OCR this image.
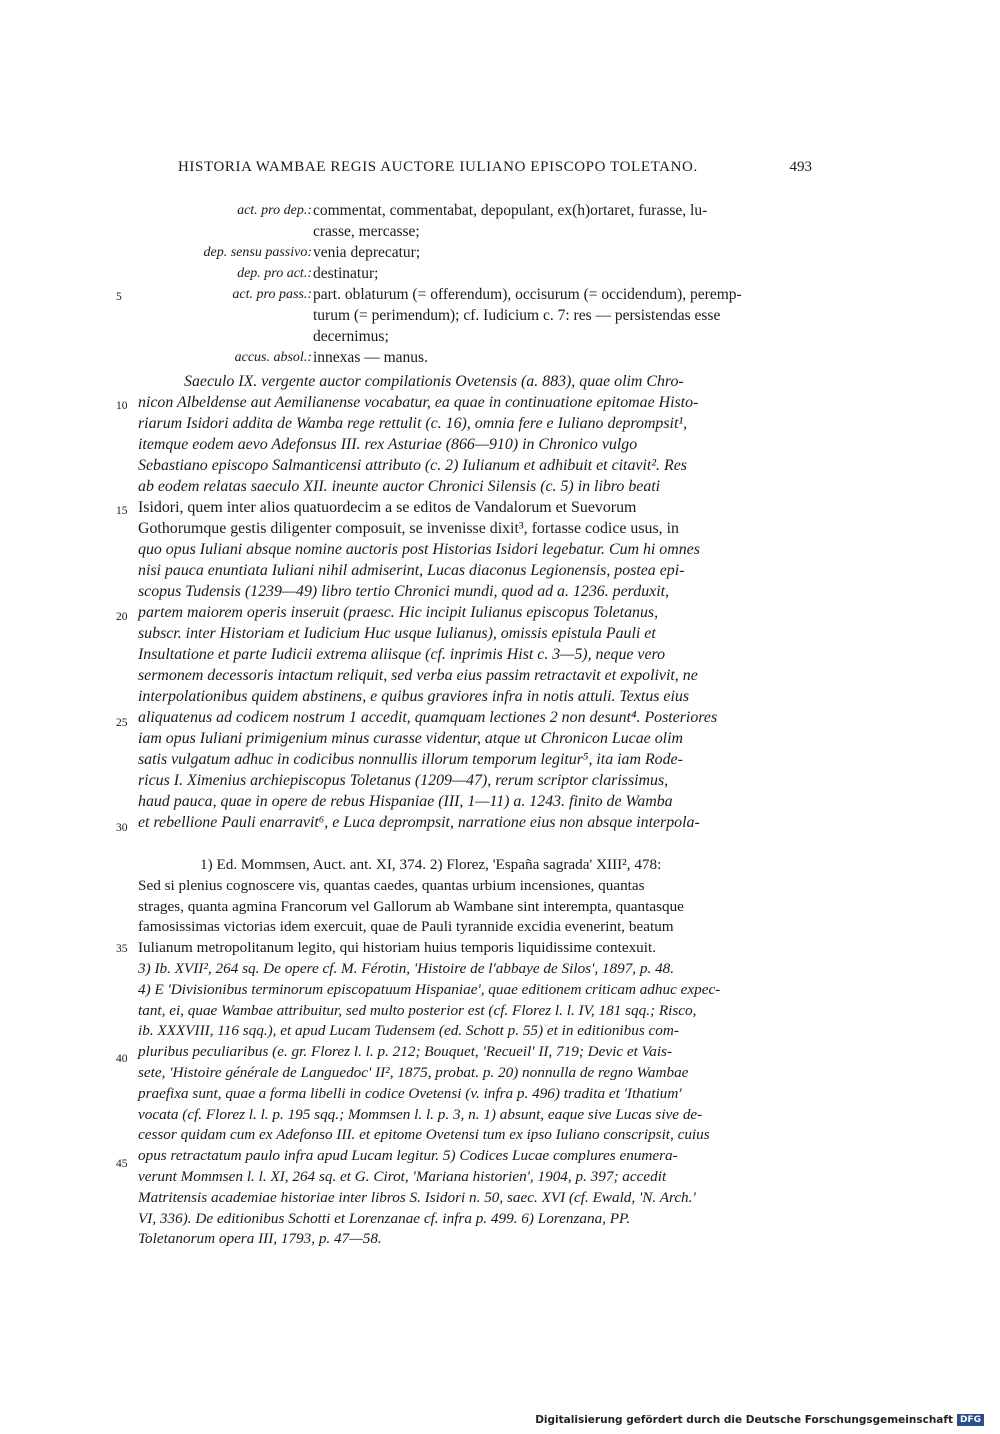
HISTORIA WAMBAE REGIS AUCTORE IULIANO EPISCOPO TOLETANO.	493
act. pro dep.: commentat, commentabat, depopulant, ex(h)ortaret, furasse, lu-
crasse, mercasse;
dep. sensu passivo: venia deprecatur;
dep. pro act.: destinatur;
act. pro pass.: part. oblaturum (= offerendum), occisurum (= occidendum), peremp-
turum (= perimendum); cf. Iudicium c. 7: res — persistendas esse
decernimus;
accus. absol.: innexas — manus.
5
10
15
20
25
30
35
40
45
Saeculo IX. vergente auctor compilationis Ovetensis (a. 883), quae olim Chro-
nicon Albeldense aut Aemilianense vocabatur, ea quae in continuatione epitomae Histo-
riarum Isidori addita de Wamba rege rettulit (c. 16), omnia fere e Iuliano deprompsit¹,
itemque eodem aevo Adefonsus III. rex Asturiae (866—910) in Chronico vulgo
Sebastiano episcopo Salmanticensi attributo (c. 2) Iulianum et adhibuit et citavit². Res
ab eodem relatas saeculo XII. ineunte auctor Chronici Silensis (c. 5) in libro beati
Isidori, quem inter alios quatuordecim a se editos de Vandalorum et Suevorum
Gothorumque gestis diligenter composuit, se invenisse dixit³, fortasse codice usus, in
quo opus Iuliani absque nomine auctoris post Historias Isidori legebatur. Cum hi omnes
nisi pauca enuntiata Iuliani nihil admiserint, Lucas diaconus Legionensis, postea epi-
scopus Tudensis (1239—49) libro tertio Chronici mundi, quod ad a. 1236. perduxit,
partem maiorem operis inseruit (praesc. Hic incipit Iulianus episcopus Toletanus,
subscr. inter Historiam et Iudicium Huc usque Iulianus), omissis epistula Pauli et
Insultatione et parte Iudicii extrema aliisque (cf. inprimis Hist c. 3—5), neque vero
sermonem decessoris intactum reliquit, sed verba eius passim retractavit et expolivit, ne
interpolationibus quidem abstinens, e quibus graviores infra in notis attuli. Textus eius
aliquatenus ad codicem nostrum 1 accedit, quamquam lectiones 2 non desunt⁴. Posteriores
iam opus Iuliani primigenium minus curasse videntur, atque ut Chronicon Lucae olim
satis vulgatum adhuc in codicibus nonnullis illorum temporum legitur⁵, ita iam Rode-
ricus I. Ximenius archiepiscopus Toletanus (1209—47), rerum scriptor clarissimus,
haud pauca, quae in opere de rebus Hispaniae (III, 1—11) a. 1243. finito de Wamba
et rebellione Pauli enarravit⁶, e Luca deprompsit, narratione eius non absque interpola-
1) Ed. Mommsen, Auct. ant. XI, 374. 2) Florez, 'España sagrada' XIII², 478:
Sed si plenius cognoscere vis, quantas caedes, quantas urbium incensiones, quantas
strages, quanta agmina Francorum vel Gallorum ab Wambane sint interempta, quantasque
famosissimas victorias idem exercuit, quae de Pauli tyrannide excidia evenerint, beatum
Iulianum metropolitanum legito, qui historiam huius temporis liquidissime contexuit.
3) Ib. XVII², 264 sq. De opere cf. M. Férotin, 'Histoire de l'abbaye de Silos', 1897, p. 48.
4) E 'Divisionibus terminorum episcopatuum Hispaniae', quae editionem criticam adhuc expec-
tant, ei, quae Wambae attribuitur, sed multo posterior est (cf. Florez l. l. IV, 181 sqq.; Risco,
ib. XXXVIII, 116 sqq.), et apud Lucam Tudensem (ed. Schott p. 55) et in editionibus com-
pluribus peculiaribus (e. gr. Florez l. l. p. 212; Bouquet, 'Recueil' II, 719; Devic et Vais-
sete, 'Histoire générale de Languedoc' II², 1875, probat. p. 20) nonnulla de regno Wambae
praefixa sunt, quae a forma libelli in codice Ovetensi (v. infra p. 496) tradita et 'Ithatium'
vocata (cf. Florez l. l. p. 195 sqq.; Mommsen l. l. p. 3, n. 1) absunt, eaque sive Lucas sive de-
cessor quidam cum ex Adefonso III. et epitome Ovetensi tum ex ipso Iuliano conscripsit, cuius
opus retractatum paulo infra apud Lucam legitur. 5) Codices Lucae complures enumera-
verunt Mommsen l. l. XI, 264 sq. et G. Cirot, 'Mariana historien', 1904, p. 397; accedit
Matritensis academiae historiae inter libros S. Isidori n. 50, saec. XVI (cf. Ewald, 'N. Arch.'
VI, 336). De editionibus Schotti et Lorenzanae cf. infra p. 499. 6) Lorenzana, PP.
Toletanorum opera III, 1793, p. 47—58.
Digitalisierung gefördert durch die Deutsche Forschungsgemeinschaft DFG
